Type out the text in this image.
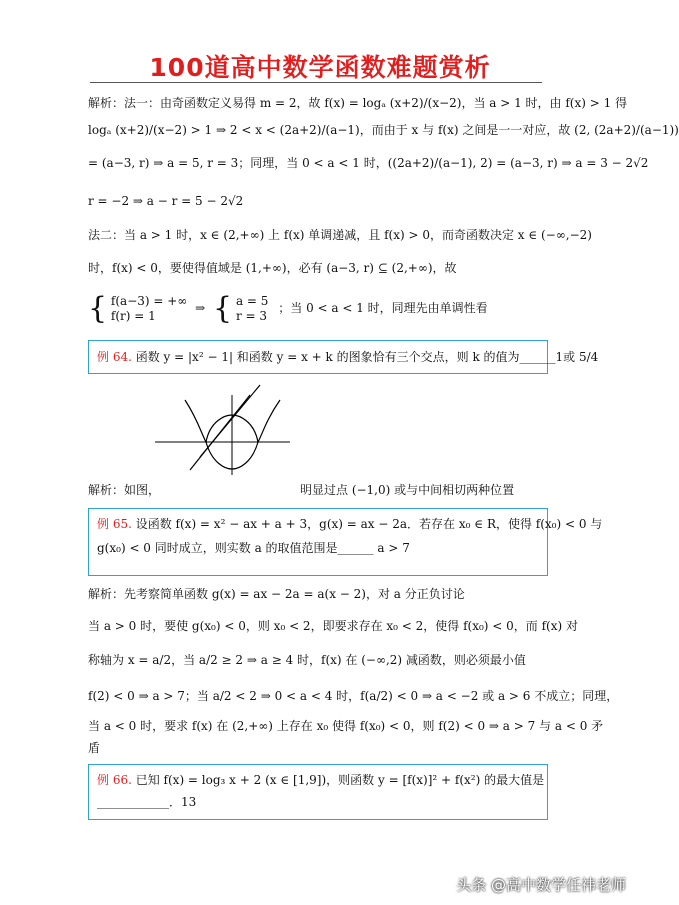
100道高中数学函数难题赏析
解析：法一：由奇函数定义易得 m = 2，故 f(x) = logₐ (x+2)/(x−2)，当 a > 1 时，由 f(x) > 1 得
logₐ (x+2)/(x−2) > 1 ⇒ 2 < x < (2a+2)/(a−1)，而由于 x 与 f(x) 之间是一一对应，故 (2, (2a+2)/(a−1))
= (a−3, r) ⇒ a = 5, r = 3；同理，当 0 < a < 1 时，((2a+2)/(a−1), 2) = (a−3, r) ⇒ a = 3 − 2√2
r = −2 ⇒ a − r = 5 − 2√2
法二：当 a > 1 时，x ∈ (2,+∞) 上 f(x) 单调递减，且 f(x) > 0，而奇函数决定 x ∈ (−∞,−2)
时，f(x) < 0，要使得值域是 (1,+∞)，必有 (a−3, r) ⊆ (2,+∞)，故
{ f(a−3) = +∞
f(r) = 1 ⇒ { a = 5
r = 3 ；当 0 < a < 1 时，同理先由单调性看
例 64. 函数 y = |x² − 1| 和函数 y = x + k 的图象恰有三个交点，则 k 的值为______1或 5/4
解析：如图，	明显过点 (−1,0) 或与中间相切两种位置
例 65. 设函数 f(x) = x² − ax + a + 3，g(x) = ax − 2a．若存在 x₀ ∈ R，使得 f(x₀) < 0 与
g(x₀) < 0 同时成立，则实数 a 的取值范围是______ a > 7
解析：先考察简单函数 g(x) = ax − 2a = a(x − 2)，对 a 分正负讨论
当 a > 0 时，要使 g(x₀) < 0，则 x₀ < 2，即要求存在 x₀ < 2，使得 f(x₀) < 0，而 f(x) 对
称轴为 x = a/2，当 a/2 ≥ 2 ⇒ a ≥ 4 时，f(x) 在 (−∞,2) 减函数，则必须最小值
f(2) < 0 ⇒ a > 7；当 a/2 < 2 ⇒ 0 < a < 4 时，f(a/2) < 0 ⇒ a < −2 或 a > 6 不成立；同理，
当 a < 0 时，要求 f(x) 在 (2,+∞) 上存在 x₀ 使得 f(x₀) < 0，则 f(2) < 0 ⇒ a > 7 与 a < 0 矛
盾
例 66. 已知 f(x) = log₃ x + 2 (x ∈ [1,9])，则函数 y = [f(x)]² + f(x²) 的最大值是
____________．13
头条 @高中数学任祎老师
